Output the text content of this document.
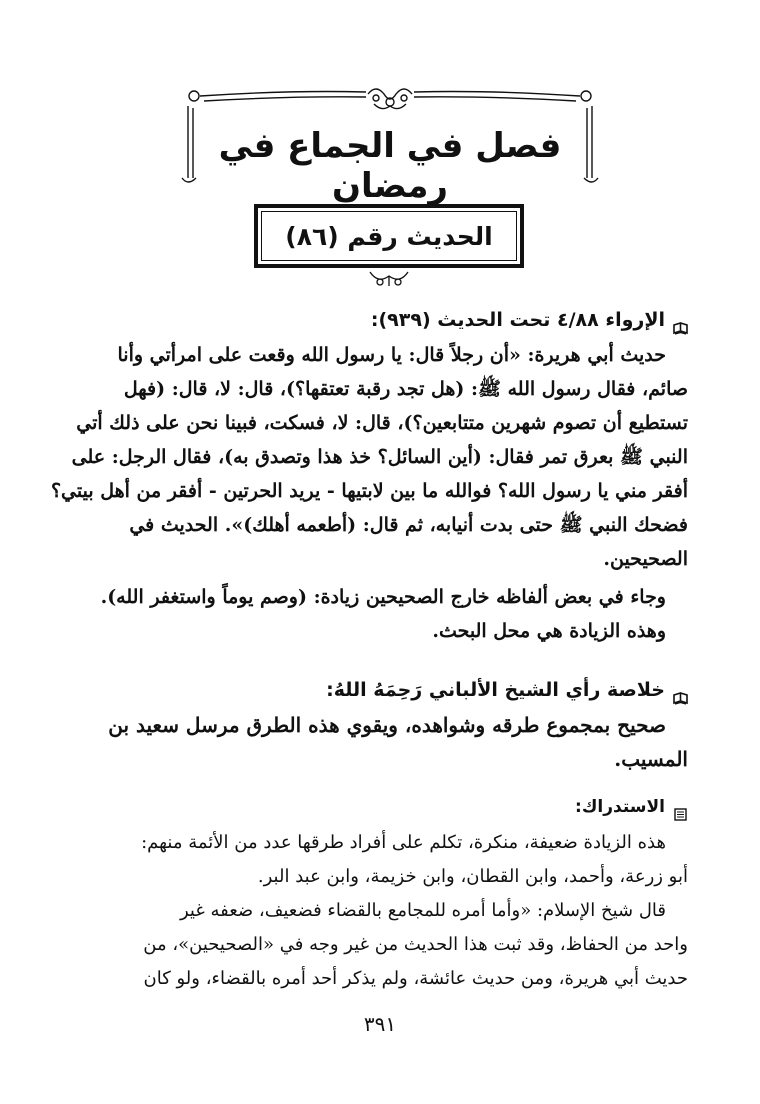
فصل في الجماع في رمضان
الحديث رقم (٨٦)
الإرواء ٤/٨٨ تحت الحديث (٩٣٩):
حديث أبي هريرة: «أن رجلاً قال: يا رسول الله وقعت على امرأتي وأنا
صائم، فقال رسول الله ﷺ: (هل تجد رقبة تعتقها؟)، قال: لا، قال: (فهل
تستطيع أن تصوم شهرين متتابعين؟)، قال: لا، فسكت، فبينا نحن على ذلك أتي
النبي ﷺ بعرق تمر فقال: (أين السائل؟ خذ هذا وتصدق به)، فقال الرجل: على
أفقر مني يا رسول الله؟ فوالله ما بين لابتيها - يريد الحرتين - أفقر من أهل بيتي؟
فضحك النبي ﷺ حتى بدت أنيابه، ثم قال: (أطعمه أهلك)». الحديث في
الصحيحين.
وجاء في بعض ألفاظه خارج الصحيحين زيادة: (وصم يوماً واستغفر الله).
وهذه الزيادة هي محل البحث.
خلاصة رأي الشيخ الألباني رَحِمَهُ اللهُ:
صحيح بمجموع طرقه وشواهده، ويقوي هذه الطرق مرسل سعيد بن
المسيب.
الاستدراك:
هذه الزيادة ضعيفة، منكرة، تكلم على أفراد طرقها عدد من الأئمة منهم:
أبو زرعة، وأحمد، وابن القطان، وابن خزيمة، وابن عبد البر.
قال شيخ الإسلام: «وأما أمره للمجامع بالقضاء فضعيف، ضعفه غير
واحد من الحفاظ، وقد ثبت هذا الحديث من غير وجه في «الصحيحين»، من
حديث أبي هريرة، ومن حديث عائشة، ولم يذكر أحد أمره بالقضاء، ولو كان
٣٩١
